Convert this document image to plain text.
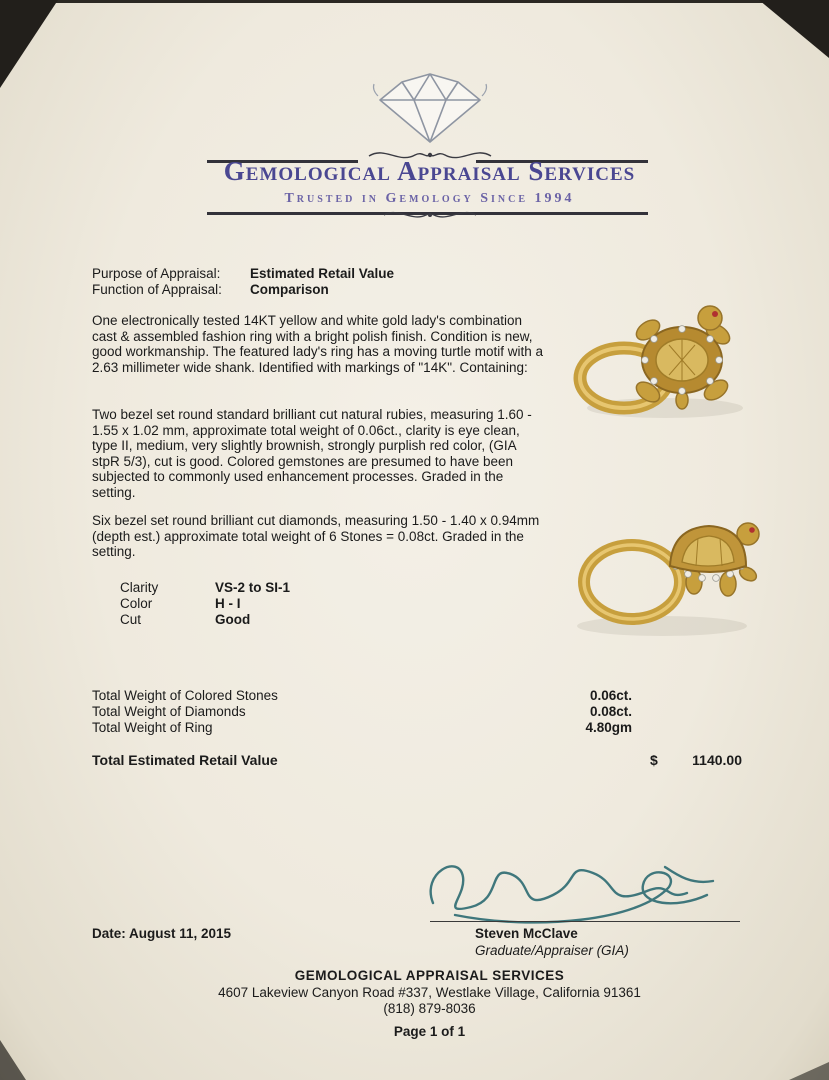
Gemological Appraisal Services
Trusted in Gemology Since 1994
Purpose of Appraisal: Estimated Retail Value
Function of Appraisal: Comparison
One electronically tested 14KT yellow and white gold lady's combination cast & assembled fashion ring with a bright polish finish. Condition is new, good workmanship. The featured lady's ring has a moving turtle motif with a 2.63 millimeter wide shank. Identified with markings of "14K". Containing:
Two bezel set round standard brilliant cut natural rubies, measuring 1.60 - 1.55 x 1.02 mm, approximate total weight of 0.06ct., clarity is eye clean, type II, medium, very slightly brownish, strongly purplish red color, (GIA stpR 5/3), cut is good. Colored gemstones are presumed to have been subjected to commonly used enhancement processes. Graded in the setting.
Six bezel set round brilliant cut diamonds, measuring 1.50 - 1.40 x 0.94mm (depth est.) approximate total weight of 6 Stones = 0.08ct. Graded in the setting.
Clarity	VS-2 to SI-1
Color	H - I
Cut	Good
Total Weight of Colored Stones	0.06ct.
Total Weight of Diamonds	0.08ct.
Total Weight of Ring	4.80gm
Total Estimated Retail Value	$ 1140.00
Date: August 11, 2015	Steven McClave
Graduate/Appraiser (GIA)
GEMOLOGICAL APPRAISAL SERVICES
4607 Lakeview Canyon Road #337, Westlake Village, California 91361
(818) 879-8036
Page 1 of 1
